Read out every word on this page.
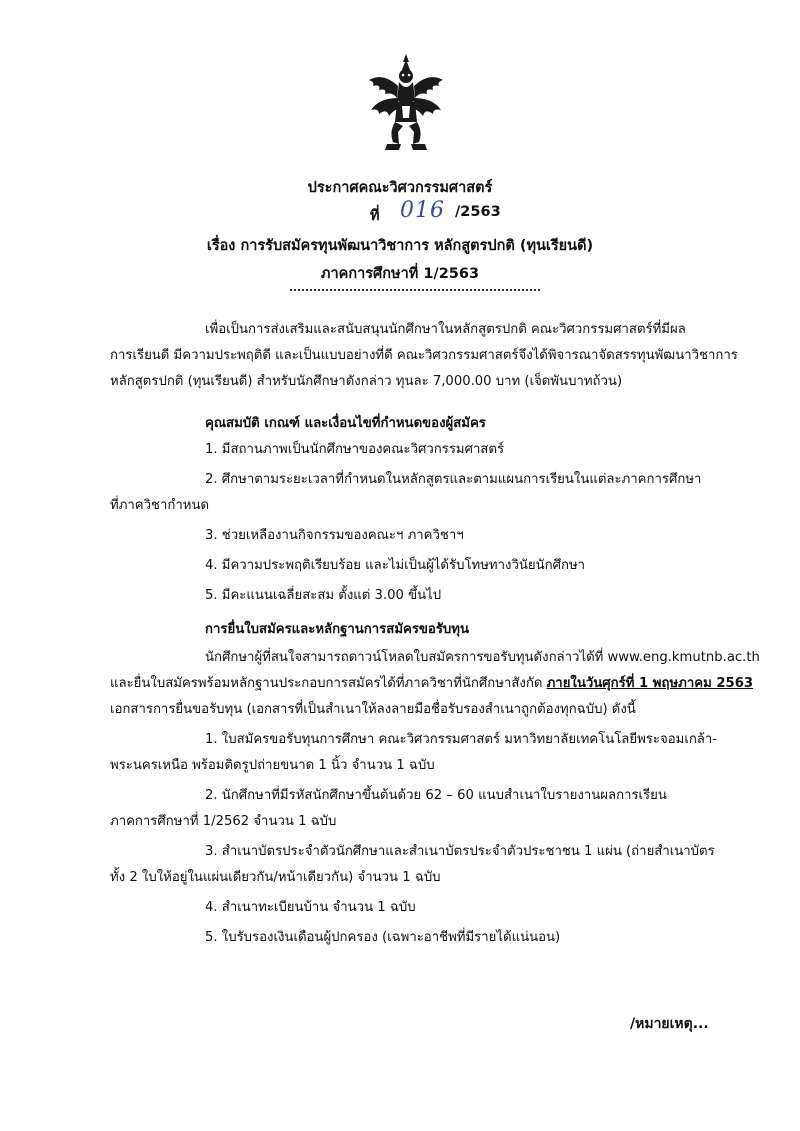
ประกาศคณะวิศวกรรมศาสตร์
ที่ 016 /2563
เรื่อง การรับสมัครทุนพัฒนาวิชาการ หลักสูตรปกติ (ทุนเรียนดี)
ภาคการศึกษาที่ 1/2563
เพื่อเป็นการส่งเสริมและสนับสนุนนักศึกษาในหลักสูตรปกติ คณะวิศวกรรมศาสตร์ที่มีผล
การเรียนดี มีความประพฤติดี และเป็นแบบอย่างที่ดี คณะวิศวกรรมศาสตร์จึงได้พิจารณาจัดสรรทุนพัฒนาวิชาการ
หลักสูตรปกติ (ทุนเรียนดี) สำหรับนักศึกษาดังกล่าว ทุนละ 7,000.00 บาท (เจ็ดพันบาทถ้วน)
คุณสมบัติ เกณฑ์ และเงื่อนไขที่กำหนดของผู้สมัคร
1. มีสถานภาพเป็นนักศึกษาของคณะวิศวกรรมศาสตร์
2. ศึกษาตามระยะเวลาที่กำหนดในหลักสูตรและตามแผนการเรียนในแต่ละภาคการศึกษา
ที่ภาควิชากำหนด
3. ช่วยเหลืองานกิจกรรมของคณะฯ ภาควิชาฯ
4. มีความประพฤติเรียบร้อย และไม่เป็นผู้ได้รับโทษทางวินัยนักศึกษา
5. มีคะแนนเฉลี่ยสะสม ตั้งแต่ 3.00 ขึ้นไป
การยื่นใบสมัครและหลักฐานการสมัครขอรับทุน
นักศึกษาผู้ที่สนใจสามารถดาวน์โหลดใบสมัครการขอรับทุนดังกล่าวได้ที่ www.eng.kmutnb.ac.th
และยื่นใบสมัครพร้อมหลักฐานประกอบการสมัครได้ที่ภาควิชาที่นักศึกษาสังกัด ภายในวันศุกร์ที่ 1 พฤษภาคม 2563
เอกสารการยื่นขอรับทุน (เอกสารที่เป็นสำเนาให้ลงลายมือชื่อรับรองสำเนาถูกต้องทุกฉบับ) ดังนี้
1. ใบสมัครขอรับทุนการศึกษา คณะวิศวกรรมศาสตร์ มหาวิทยาลัยเทคโนโลยีพระจอมเกล้า-
พระนครเหนือ พร้อมติดรูปถ่ายขนาด 1 นิ้ว จำนวน 1 ฉบับ
2. นักศึกษาที่มีรหัสนักศึกษาขึ้นต้นด้วย 62 – 60 แนบสำเนาใบรายงานผลการเรียน
ภาคการศึกษาที่ 1/2562 จำนวน 1 ฉบับ
3. สำเนาบัตรประจำตัวนักศึกษาและสำเนาบัตรประจำตัวประชาชน 1 แผ่น (ถ่ายสำเนาบัตร
ทั้ง 2 ใบให้อยู่ในแผ่นเดียวกัน/หน้าเดียวกัน) จำนวน 1 ฉบับ
4. สำเนาทะเบียนบ้าน จำนวน 1 ฉบับ
5. ใบรับรองเงินเดือนผู้ปกครอง (เฉพาะอาชีพที่มีรายได้แน่นอน)
/หมายเหตุ...
